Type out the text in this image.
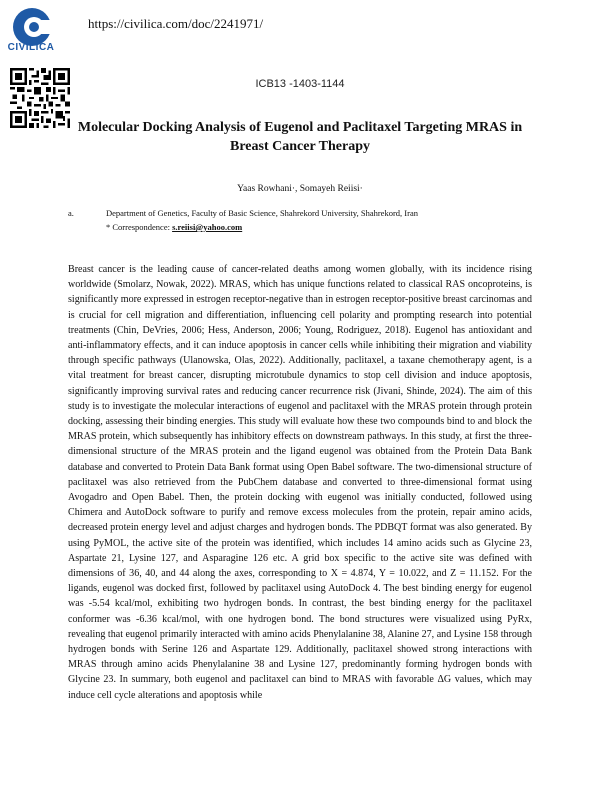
CIVILICA
https://civilica.com/doc/2241971/
ICB13 -1403-1144
Molecular Docking Analysis of Eugenol and Paclitaxel Targeting MRAS in Breast Cancer Therapy
Yaas Rowhani·, Somayeh Reiisi·
a.	Department of Genetics, Faculty of Basic Science, Shahrekord University, Shahrekord, Iran
* Correspondence: s.reiisi@yahoo.com

Breast cancer is the leading cause of cancer-related deaths among women globally, with its incidence rising worldwide (Smolarz, Nowak, 2022). MRAS, which has unique functions related to classical RAS oncoproteins, is significantly more expressed in estrogen receptor-negative than in estrogen receptor-positive breast carcinomas and is crucial for cell migration and differentiation, influencing cell polarity and prompting research into potential treatments (Chin, DeVries, 2006; Hess, Anderson, 2006; Young, Rodriguez, 2018). Eugenol has antioxidant and anti-inflammatory effects, and it can induce apoptosis in cancer cells while inhibiting their migration and viability through specific pathways (Ulanowska, Olas, 2022). Additionally, paclitaxel, a taxane chemotherapy agent, is a vital treatment for breast cancer, disrupting microtubule dynamics to stop cell division and induce apoptosis, significantly improving survival rates and reducing cancer recurrence risk (Jivani, Shinde, 2024). The aim of this study is to investigate the molecular interactions of eugenol and paclitaxel with the MRAS protein through protein docking, assessing their binding energies. This study will evaluate how these two compounds bind to and block the MRAS protein, which subsequently has inhibitory effects on downstream pathways. In this study, at first the three-dimensional structure of the MRAS protein and the ligand eugenol was obtained from the Protein Data Bank database and converted to Protein Data Bank format using Open Babel software. The two-dimensional structure of paclitaxel was also retrieved from the PubChem database and converted to three-dimensional format using Avogadro and Open Babel. Then, the protein docking with eugenol was initially conducted, followed using Chimera and AutoDock software to purify and remove excess molecules from the protein, repair amino acids, decreased protein energy level and adjust charges and hydrogen bonds. The PDBQT format was also generated. By using PyMOL, the active site of the protein was identified, which includes 14 amino acids such as Glycine 23, Aspartate 21, Lysine 127, and Asparagine 126 etc. A grid box specific to the active site was defined with dimensions of 36, 40, and 44 along the axes, corresponding to X = 4.874, Y = 10.022, and Z = 11.152. For the ligands, eugenol was docked first, followed by paclitaxel using AutoDock 4. The best binding energy for eugenol was -5.54 kcal/mol, exhibiting two hydrogen bonds. In contrast, the best binding energy for the paclitaxel conformer was -6.36 kcal/mol, with one hydrogen bond. The bond structures were visualized using PyRx, revealing that eugenol primarily interacted with amino acids Phenylalanine 38, Alanine 27, and Lysine 158 through hydrogen bonds with Serine 126 and Aspartate 129. Additionally, paclitaxel showed strong interactions with MRAS through amino acids Phenylalanine 38 and Lysine 127, predominantly forming hydrogen bonds with Glycine 23. In summary, both eugenol and paclitaxel can bind to MRAS with favorable ΔG values, which may induce cell cycle alterations and apoptosis while
